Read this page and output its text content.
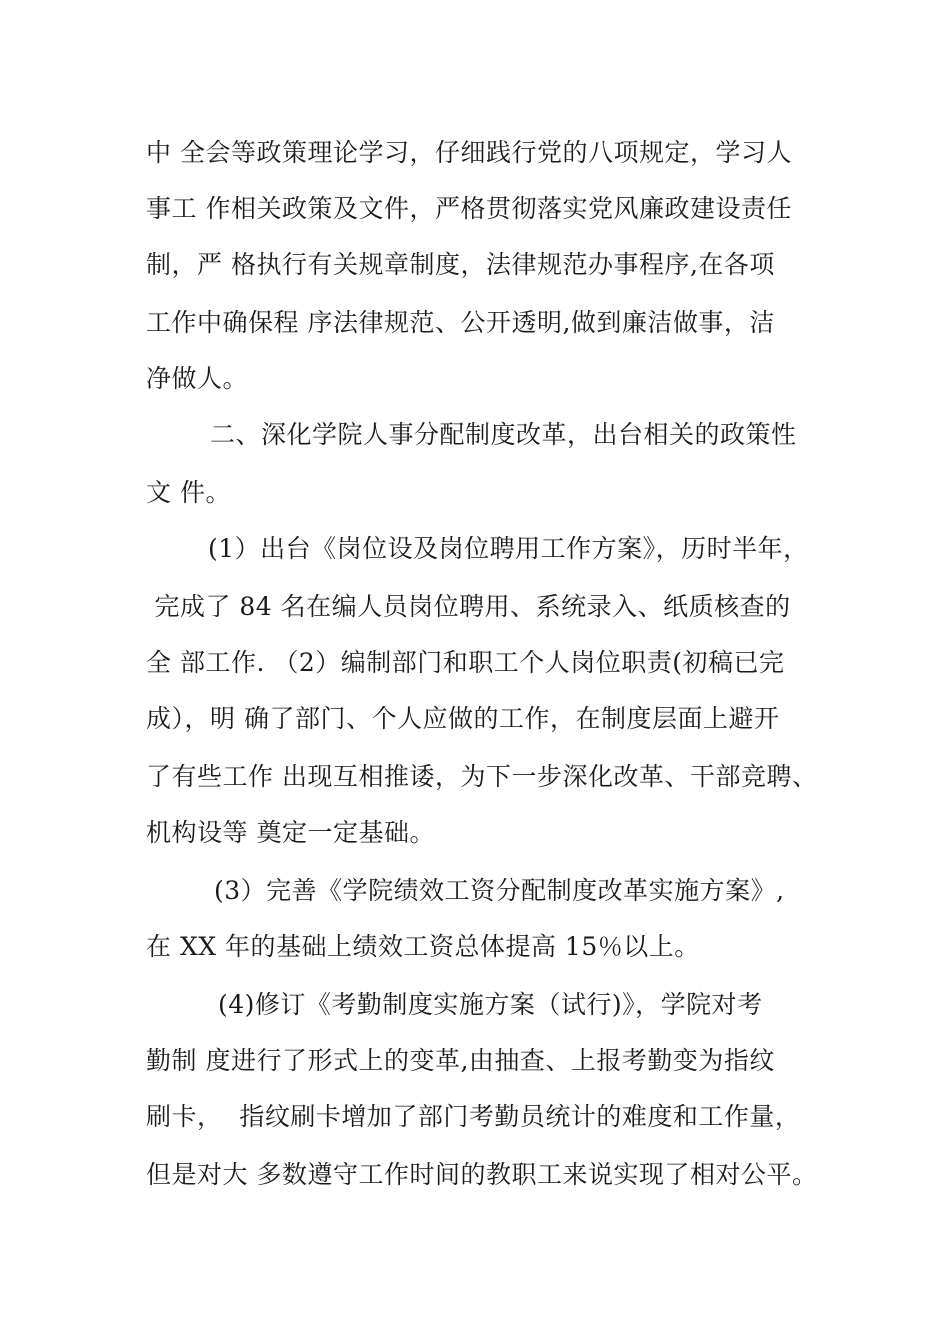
中 全会等政策理论学习，仔细践行党的八项规定，学习人
事工 作相关政策及文件，严格贯彻落实党风廉政建设责任
制，严 格执行有关规章制度，法律规范办事程序,在各项
工作中确保程 序法律规范、公开透明,做到廉洁做事，洁
净做人。
二、深化学院人事分配制度改革，出台相关的政策性
文 件。
(1）出台《岗位设及岗位聘用工作方案》，历时半年，
完成了 84 名在编人员岗位聘用、系统录入、纸质核查的
全 部工作. （2）编制部门和职工个人岗位职责(初稿已完
成），明 确了部门、个人应做的工作，在制度层面上避开
了有些工作 出现互相推诿，为下一步深化改革、干部竞聘、
机构设等 奠定一定基础。
(3）完善《学院绩效工资分配制度改革实施方案》,
在 XX 年的基础上绩效工资总体提高 15％以上。
(4)修订《考勤制度实施方案（试行)》，学院对考
勤制 度进行了形式上的变革,由抽查、上报考勤变为指纹
刷卡，  指纹刷卡增加了部门考勤员统计的难度和工作量，
但是对大 多数遵守工作时间的教职工来说实现了相对公平。
